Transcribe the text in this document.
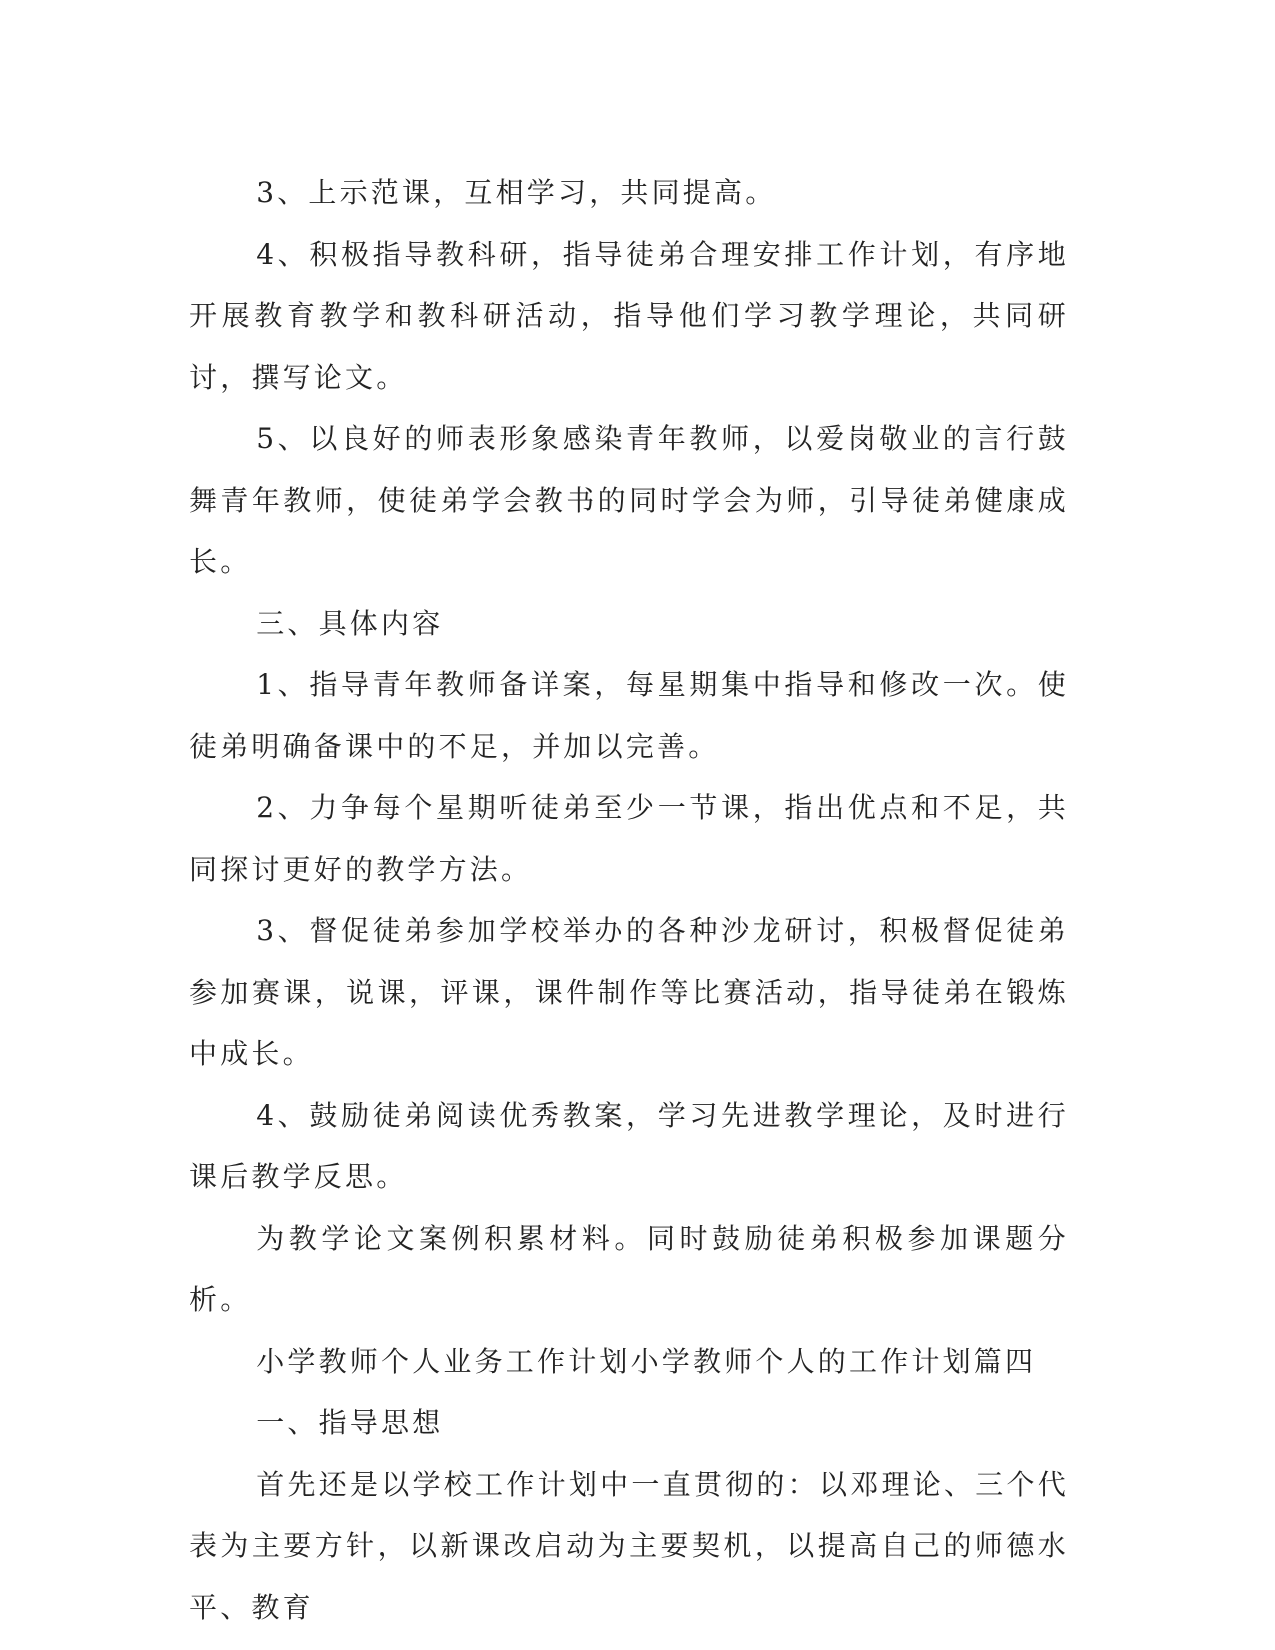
3、上示范课，互相学习，共同提高。

4、积极指导教科研，指导徒弟合理安排工作计划，有序地开展教育教学和教科研活动，指导他们学习教学理论，共同研讨，撰写论文。

5、以良好的师表形象感染青年教师，以爱岗敬业的言行鼓舞青年教师，使徒弟学会教书的同时学会为师，引导徒弟健康成长。

三、具体内容

1、指导青年教师备详案，每星期集中指导和修改一次。使徒弟明确备课中的不足，并加以完善。

2、力争每个星期听徒弟至少一节课，指出优点和不足，共同探讨更好的教学方法。

3、督促徒弟参加学校举办的各种沙龙研讨，积极督促徒弟参加赛课，说课，评课，课件制作等比赛活动，指导徒弟在锻炼中成长。

4、鼓励徒弟阅读优秀教案，学习先进教学理论，及时进行课后教学反思。

为教学论文案例积累材料。同时鼓励徒弟积极参加课题分析。

小学教师个人业务工作计划小学教师个人的工作计划篇四

一、指导思想

首先还是以学校工作计划中一直贯彻的：以邓理论、三个代表为主要方针，以新课改启动为主要契机，以提高自己的师德水平、教育
